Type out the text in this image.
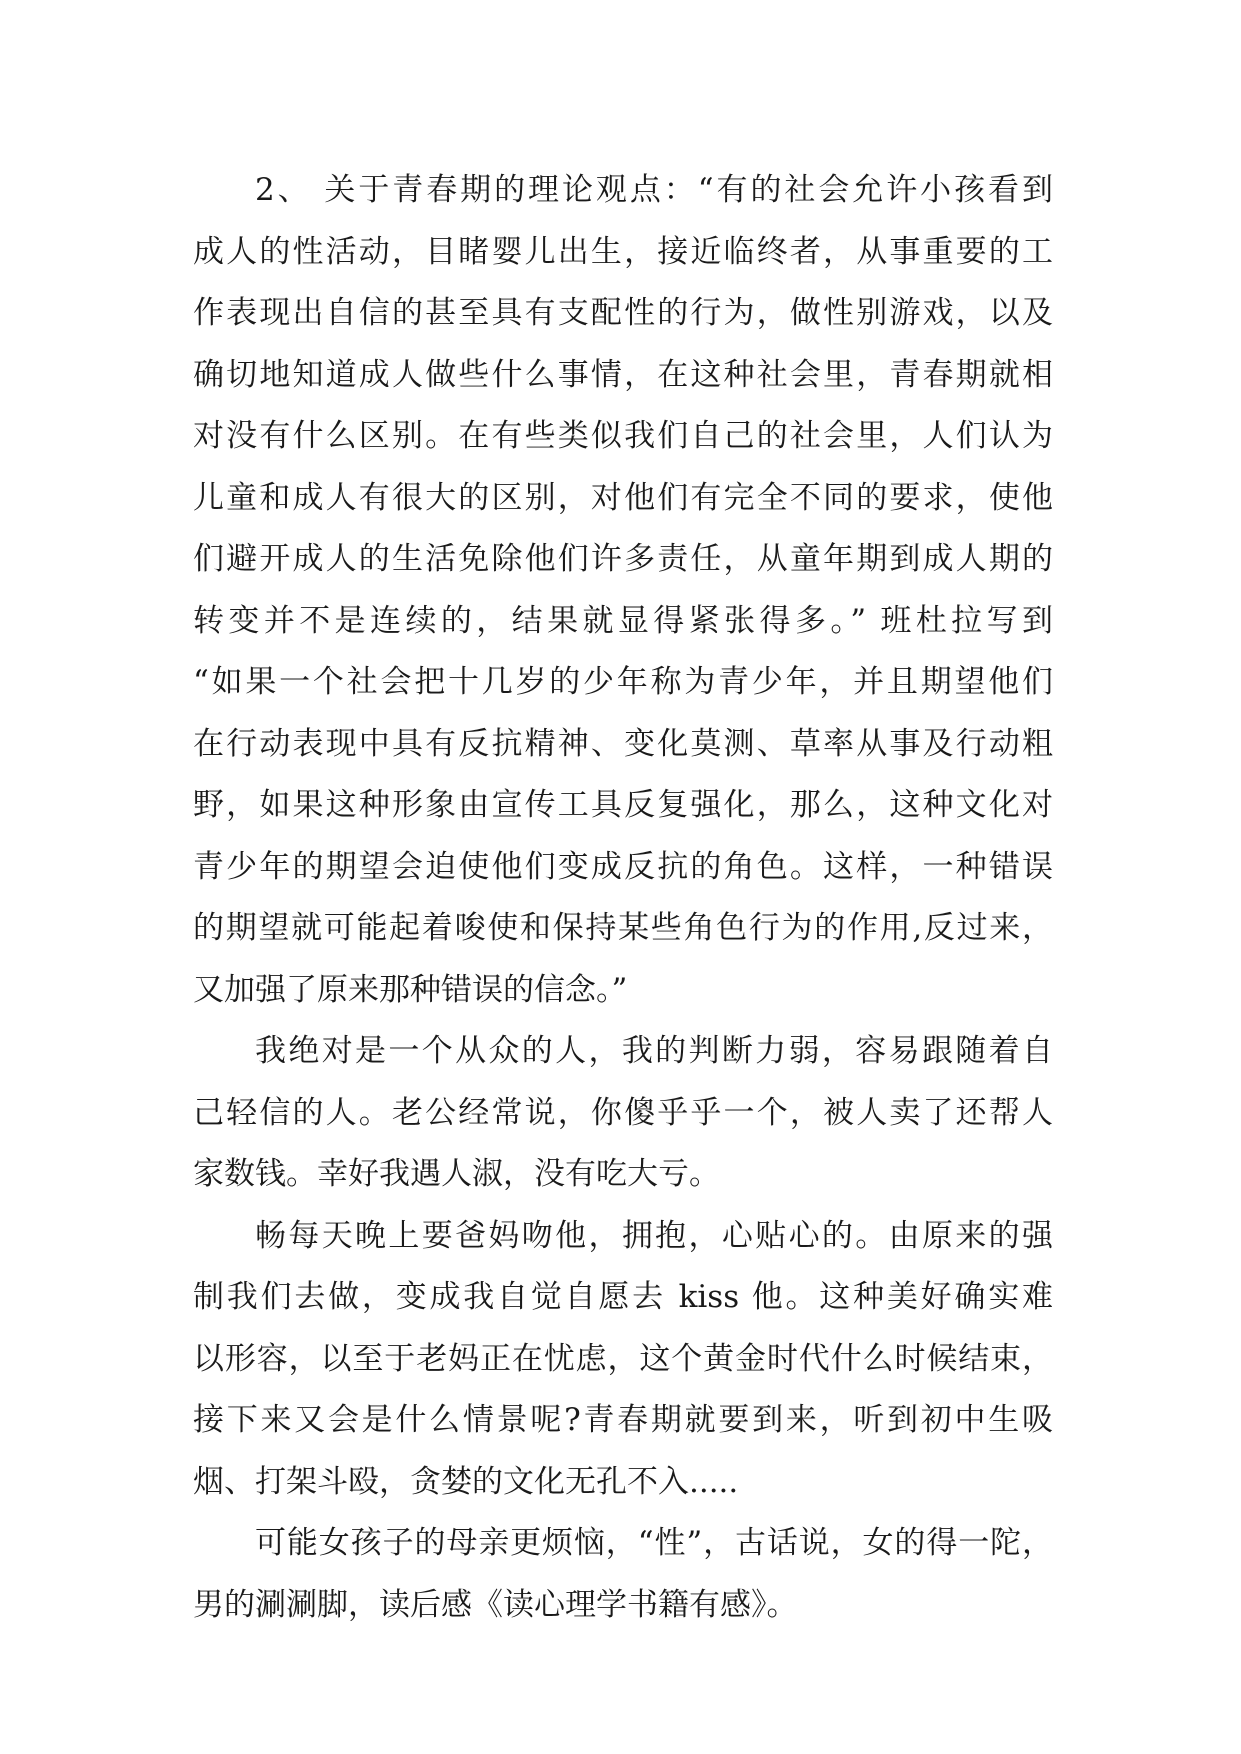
2、 关于青春期的理论观点：“有的社会允许小孩看到
成人的性活动，目睹婴儿出生，接近临终者，从事重要的工
作表现出自信的甚至具有支配性的行为，做性别游戏，以及
确切地知道成人做些什么事情，在这种社会里，青春期就相
对没有什么区别。在有些类似我们自己的社会里，人们认为
儿童和成人有很大的区别，对他们有完全不同的要求，使他
们避开成人的生活免除他们许多责任，从童年期到成人期的
转变并不是连续的，结果就显得紧张得多。” 班杜拉写到
“如果一个社会把十几岁的少年称为青少年，并且期望他们
在行动表现中具有反抗精神、变化莫测、草率从事及行动粗
野，如果这种形象由宣传工具反复强化，那么，这种文化对
青少年的期望会迫使他们变成反抗的角色。这样，一种错误
的期望就可能起着唆使和保持某些角色行为的作用,反过来，
又加强了原来那种错误的信念。”
我绝对是一个从众的人，我的判断力弱，容易跟随着自
己轻信的人。老公经常说，你傻乎乎一个，被人卖了还帮人
家数钱。幸好我遇人淑，没有吃大亏。
畅每天晚上要爸妈吻他，拥抱，心贴心的。由原来的强
制我们去做，变成我自觉自愿去 kiss 他。这种美好确实难
以形容，以至于老妈正在忧虑，这个黄金时代什么时候结束，
接下来又会是什么情景呢?青春期就要到来，听到初中生吸
烟、打架斗殴，贪婪的文化无孔不入.....
可能女孩子的母亲更烦恼，“性”，古话说，女的得一陀，
男的涮涮脚，读后感《读心理学书籍有感》。
